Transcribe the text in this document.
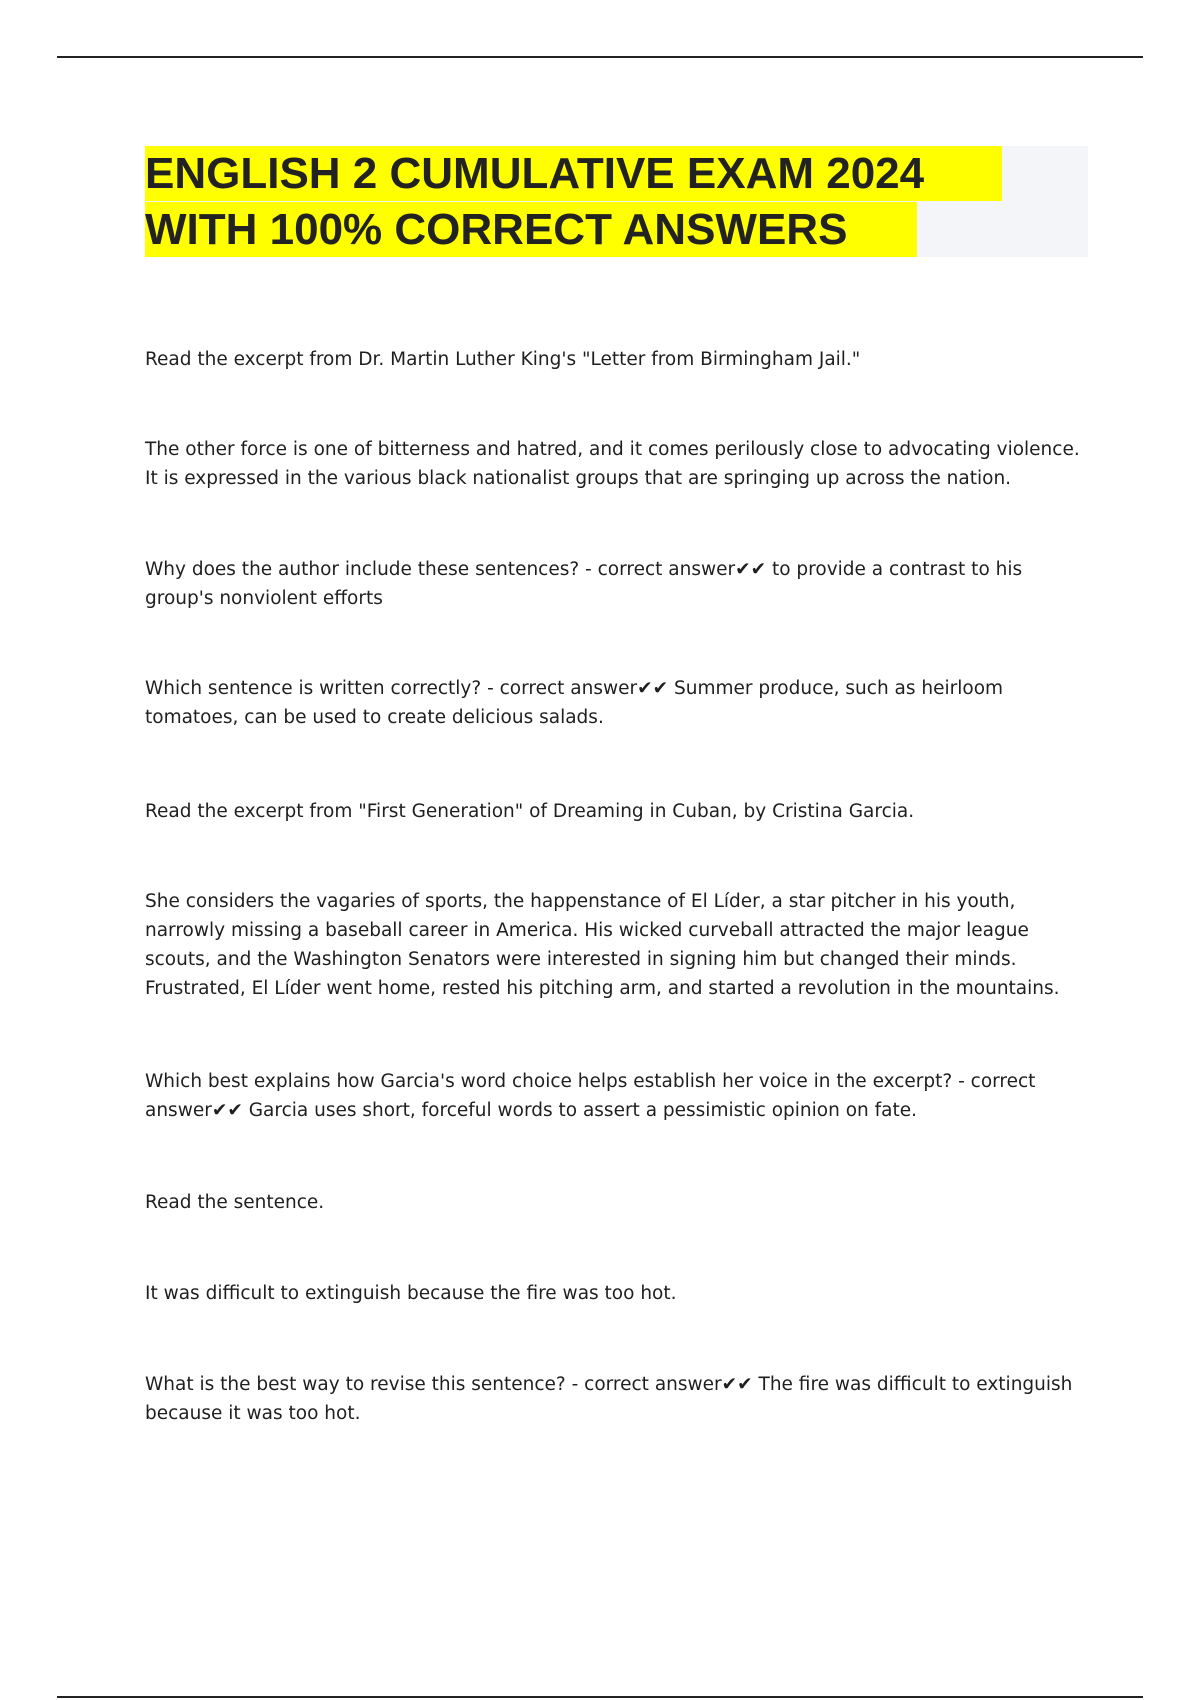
ENGLISH 2 CUMULATIVE EXAM 2024
WITH 100% CORRECT ANSWERS

Read the excerpt from Dr. Martin Luther King's "Letter from Birmingham Jail."

The other force is one of bitterness and hatred, and it comes perilously close to advocating violence. It is expressed in the various black nationalist groups that are springing up across the nation.

Why does the author include these sentences? - correct answer✔✔ to provide a contrast to his group's nonviolent efforts

Which sentence is written correctly? - correct answer✔✔ Summer produce, such as heirloom tomatoes, can be used to create delicious salads.

Read the excerpt from "First Generation" of Dreaming in Cuban, by Cristina Garcia.

She considers the vagaries of sports, the happenstance of El Líder, a star pitcher in his youth, narrowly missing a baseball career in America. His wicked curveball attracted the major league scouts, and the Washington Senators were interested in signing him but changed their minds. Frustrated, El Líder went home, rested his pitching arm, and started a revolution in the mountains.

Which best explains how Garcia's word choice helps establish her voice in the excerpt? - correct answer✔✔ Garcia uses short, forceful words to assert a pessimistic opinion on fate.

Read the sentence.

It was difficult to extinguish because the fire was too hot.

What is the best way to revise this sentence? - correct answer✔✔ The fire was difficult to extinguish because it was too hot.
